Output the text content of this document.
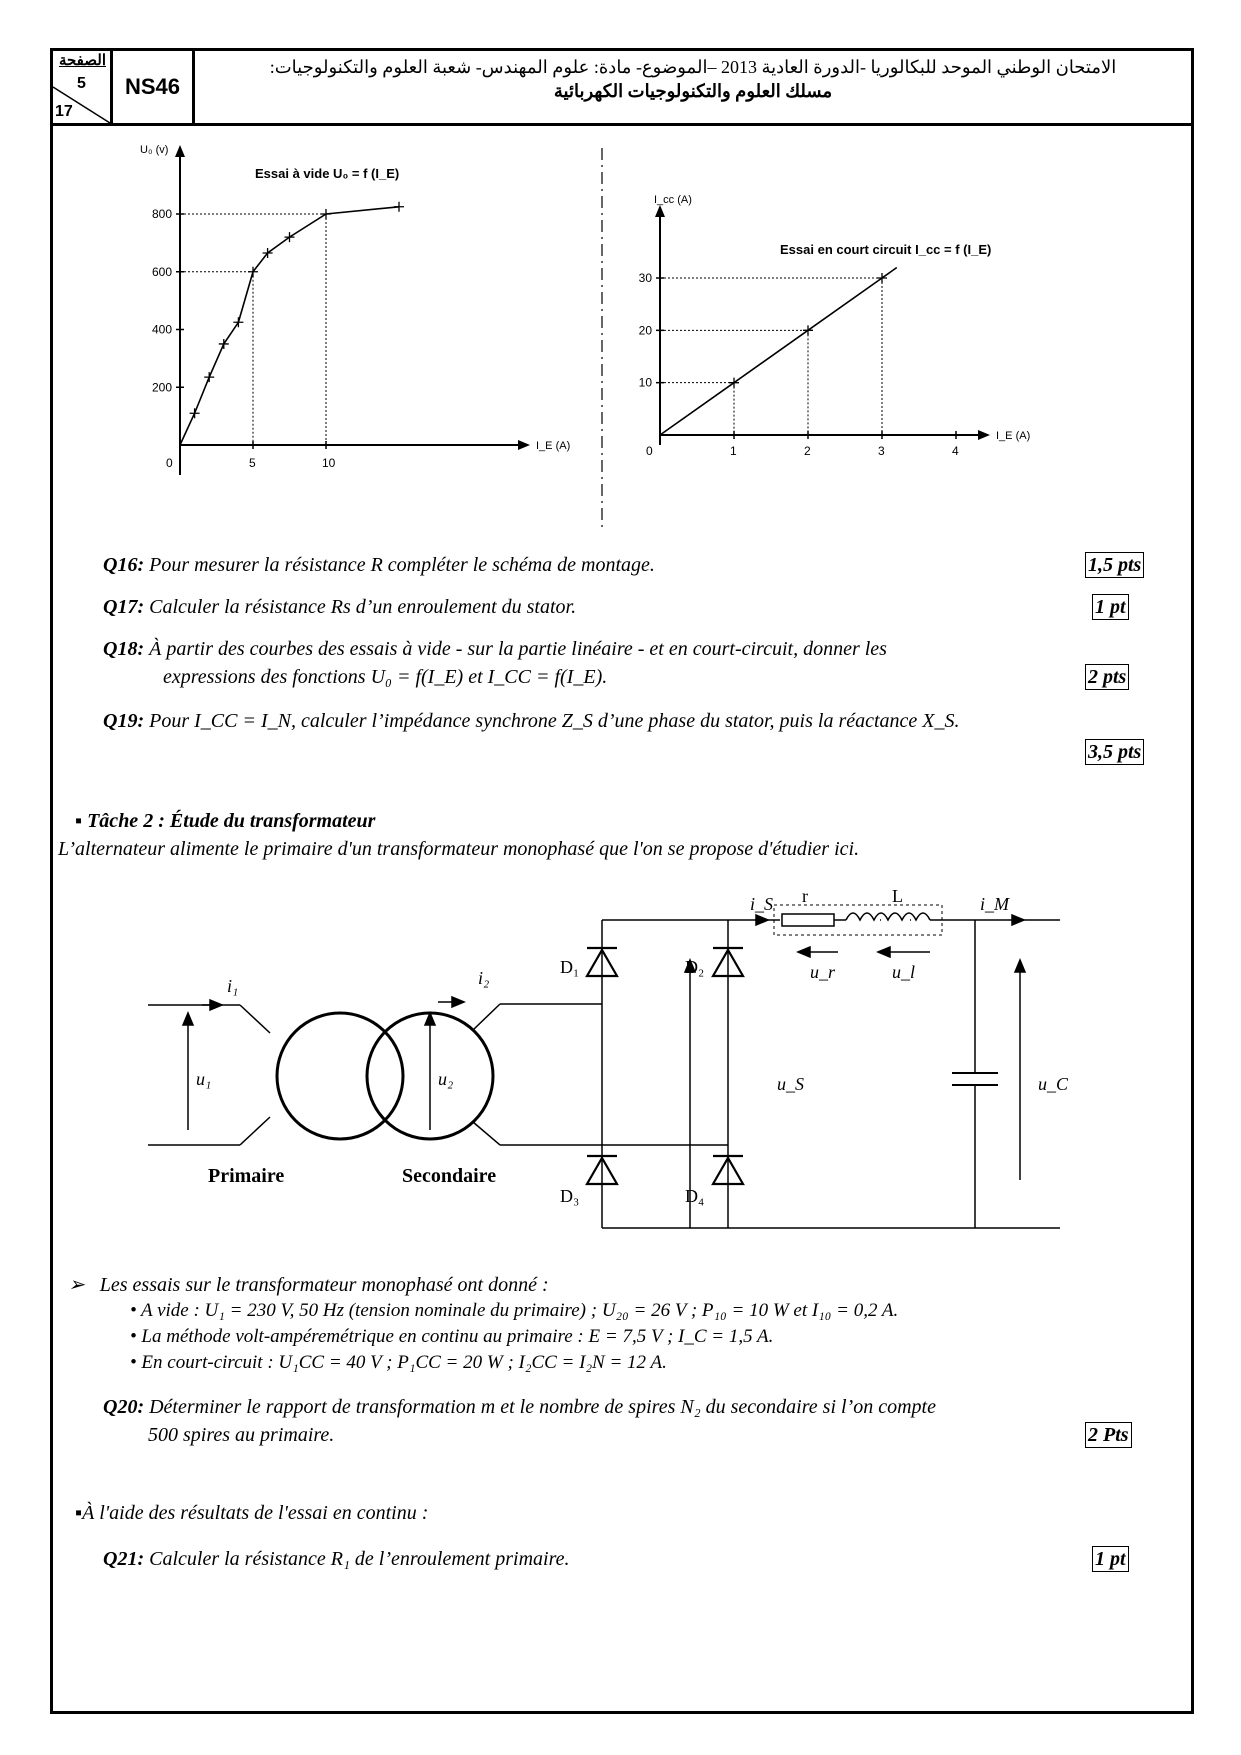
الصفحة
5
17
NS46
الامتحان الوطني الموحد للبكالوريا -الدورة العادية 2013 –الموضوع- مادة: علوم المهندس- شعبة العلوم والتكنولوجيات:
مسلك العلوم والتكنولوجيات الكهربائية
U₀ (v)
I_E (A)
Essai à vide U₀ = f (I_E)
0	5	10
200
400
600
800
I_cc (A)
I_E (A)
Essai en court circuit I_cc = f (I_E)
0	1	2	3	4
10
20
30
Q16: Pour mesurer la résistance R compléter le schéma de montage.	1,5 pts
Q17: Calculer la résistance Rs d’un enroulement du stator.	1 pt
Q18: À partir des courbes des essais à vide - sur la partie linéaire - et en court-circuit, donner les
expressions des fonctions U₀ = f(I_E) et I_CC = f(I_E).	2 pts
Q19: Pour I_CC = I_N, calculer l’impédance synchrone Z_S d’une phase du stator, puis la réactance X_S.
3,5 pts
▪ Tâche 2 : Étude du transformateur
L’alternateur alimente le primaire d'un transformateur monophasé que l'on se propose d'étudier ici.
i₁
u₁
i₂
u₂
D₁	D₂
D₃	D₄
i_S r	L	i_M
u_r	u_l
u_S	u_C
Primaire	Secondaire
➢   Les essais sur le transformateur monophasé ont donné :
• A vide : U₁ = 230 V, 50 Hz (tension nominale du primaire) ; U₂₀ = 26 V ; P₁₀ = 10 W et I₁₀ = 0,2 A.
• La méthode volt-ampéremétrique en continu au primaire : E = 7,5 V ; I_C = 1,5 A.
• En court-circuit : U₁CC = 40 V ; P₁CC = 20 W ; I₂CC = I₂N = 12 A.
Q20: Déterminer le rapport de transformation m et le nombre de spires N₂ du secondaire si l’on compte
500 spires au primaire.	2 Pts
▪À l'aide des résultats de l'essai en continu :
Q21: Calculer la résistance R₁ de l’enroulement primaire.	1 pt
